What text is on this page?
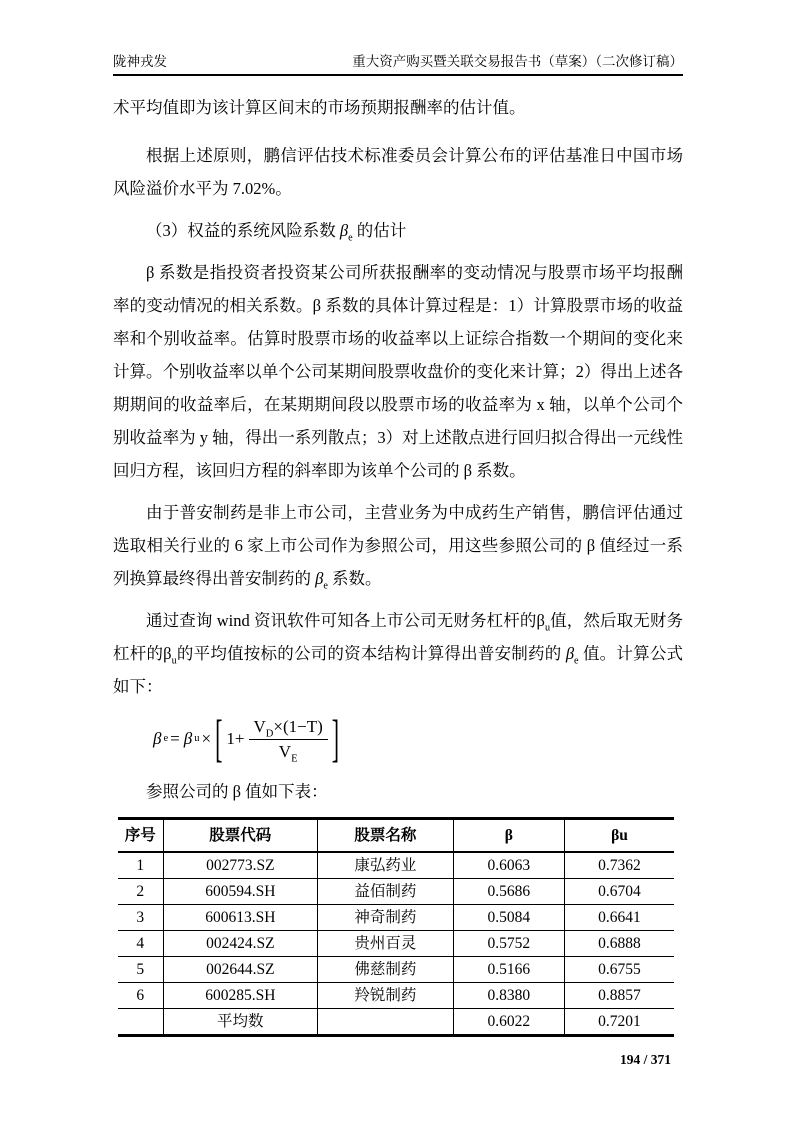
陇神戎发	重大资产购买暨关联交易报告书（草案）（二次修订稿）

术平均值即为该计算区间末的市场预期报酬率的估计值。

根据上述原则，鹏信评估技术标准委员会计算公布的评估基准日中国市场风险溢价水平为 7.02%。

（3）权益的系统风险系数 $\beta_e$ 的估计

β 系数是指投资者投资某公司所获报酬率的变动情况与股票市场平均报酬率的变动情况的相关系数。β 系数的具体计算过程是：1）计算股票市场的收益率和个别收益率。估算时股票市场的收益率以上证综合指数一个期间的变化来计算。个别收益率以单个公司某期间股票收盘价的变化来计算；2）得出上述各期期间的收益率后，在某期期间段以股票市场的收益率为 x 轴，以单个公司个别收益率为 y 轴，得出一系列散点；3）对上述散点进行回归拟合得出一元线性回归方程，该回归方程的斜率即为该单个公司的 β 系数。

由于普安制药是非上市公司，主营业务为中成药生产销售，鹏信评估通过选取相关行业的 6 家上市公司作为参照公司，用这些参照公司的 β 值经过一系列换算最终得出普安制药的 $\beta_e$ 系数。

通过查询 wind 资讯软件可知各上市公司无财务杠杆的$\beta_u$值，然后取无财务杠杆的$\beta_u$的平均值按标的公司的资本结构计算得出普安制药的 $\beta_e$ 值。计算公式如下：

β e = β u × [ $1+ \frac{V_D\times(1-T)}{V_E}$ ]

参照公司的 β 值如下表：

序号	股票代码	股票名称	β	βu
1	002773.SZ	康弘药业	0.6063	0.7362
2	600594.SH	益佰制药	0.5686	0.6704
3	600613.SH	神奇制药	0.5084	0.6641
4	002424.SZ	贵州百灵	0.5752	0.6888
5	002644.SZ	佛慈制药	0.5166	0.6755
6	600285.SH	羚锐制药	0.8380	0.8857
	平均数		0.6022	0.7201
194 / 371
